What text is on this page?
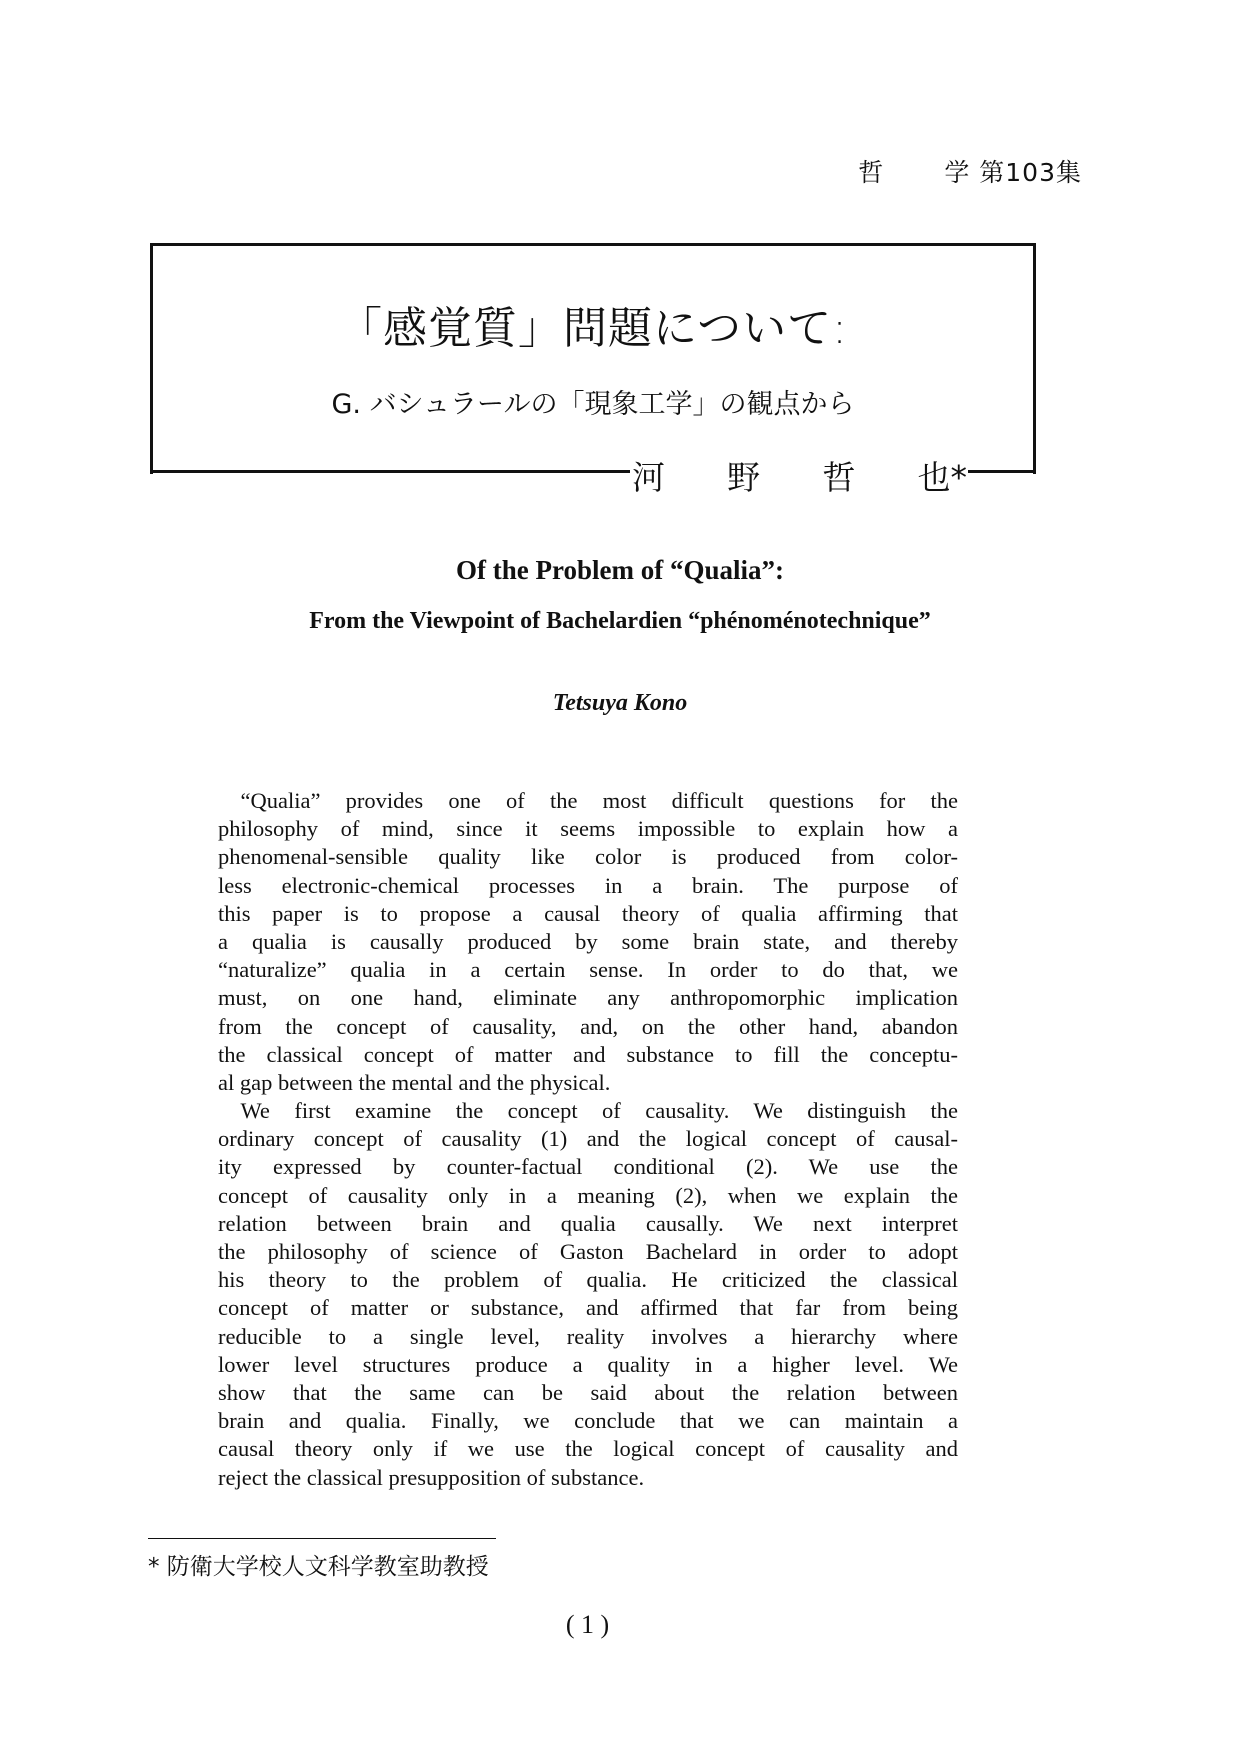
哲 学 第103集
「感覚質」問題について:
G. バシュラールの「現象工学」の観点から
河 野 哲 也*
Of the Problem of “Qualia”:
From the Viewpoint of Bachelardien “phénoménotechnique”
Tetsuya Kono
 “Qualia” provides one of the most difficult questions for the
philosophy of mind, since it seems impossible to explain how a
phenomenal-sensible quality like color is produced from color-
less electronic-chemical processes in a brain. The purpose of
this paper is to propose a causal theory of qualia affirming that
a qualia is causally produced by some brain state, and thereby
“naturalize” qualia in a certain sense. In order to do that, we
must, on one hand, eliminate any anthropomorphic implication
from the concept of causality, and, on the other hand, abandon
the classical concept of matter and substance to fill the conceptu-
al gap between the mental and the physical.
 We first examine the concept of causality. We distinguish the
ordinary concept of causality (1) and the logical concept of causal-
ity expressed by counter-factual conditional (2). We use the
concept of causality only in a meaning (2), when we explain the
relation between brain and qualia causally. We next interpret
the philosophy of science of Gaston Bachelard in order to adopt
his theory to the problem of qualia. He criticized the classical
concept of matter or substance, and affirmed that far from being
reducible to a single level, reality involves a hierarchy where
lower level structures produce a quality in a higher level. We
show that the same can be said about the relation between
brain and qualia. Finally, we conclude that we can maintain a
causal theory only if we use the logical concept of causality and
reject the classical presupposition of substance.
* 防衛大学校人文科学教室助教授
( 1 )
